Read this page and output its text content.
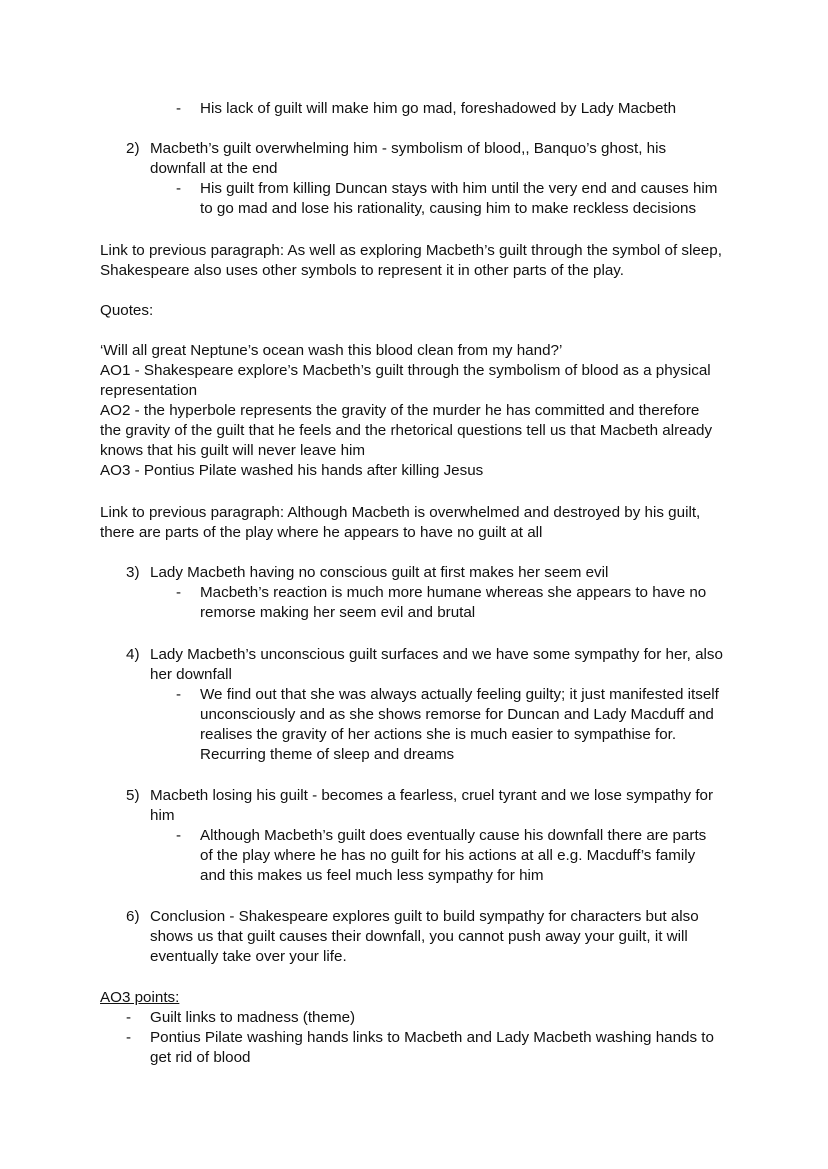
- His lack of guilt will make him go mad, foreshadowed by Lady Macbeth
2) Macbeth’s guilt overwhelming him - symbolism of blood,, Banquo’s ghost, his
downfall at the end
- His guilt from killing Duncan stays with him until the very end and causes him
to go mad and lose his rationality, causing him to make reckless decisions
Link to previous paragraph: As well as exploring Macbeth’s guilt through the symbol of sleep,
Shakespeare also uses other symbols to represent it in other parts of the play.
Quotes:
‘Will all great Neptune’s ocean wash this blood clean from my hand?’
AO1 - Shakespeare explore’s Macbeth’s guilt through the symbolism of blood as a physical
representation
AO2 - the hyperbole represents the gravity of the murder he has committed and therefore
the gravity of the guilt that he feels and the rhetorical questions tell us that Macbeth already
knows that his guilt will never leave him
AO3 - Pontius Pilate washed his hands after killing Jesus
Link to previous paragraph: Although Macbeth is overwhelmed and destroyed by his guilt,
there are parts of the play where he appears to have no guilt at all
3) Lady Macbeth having no conscious guilt at first makes her seem evil
- Macbeth’s reaction is much more humane whereas she appears to have no
remorse making her seem evil and brutal
4) Lady Macbeth’s unconscious guilt surfaces and we have some sympathy for her, also
her downfall
- We find out that she was always actually feeling guilty; it just manifested itself
unconsciously and as she shows remorse for Duncan and Lady Macduff and
realises the gravity of her actions she is much easier to sympathise for.
Recurring theme of sleep and dreams
5) Macbeth losing his guilt - becomes a fearless, cruel tyrant and we lose sympathy for
him
- Although Macbeth’s guilt does eventually cause his downfall there are parts
of the play where he has no guilt for his actions at all e.g. Macduff’s family
and this makes us feel much less sympathy for him
6) Conclusion - Shakespeare explores guilt to build sympathy for characters but also
shows us that guilt causes their downfall, you cannot push away your guilt, it will
eventually take over your life.
AO3 points:
- Guilt links to madness (theme)
- Pontius Pilate washing hands links to Macbeth and Lady Macbeth washing hands to
get rid of blood
